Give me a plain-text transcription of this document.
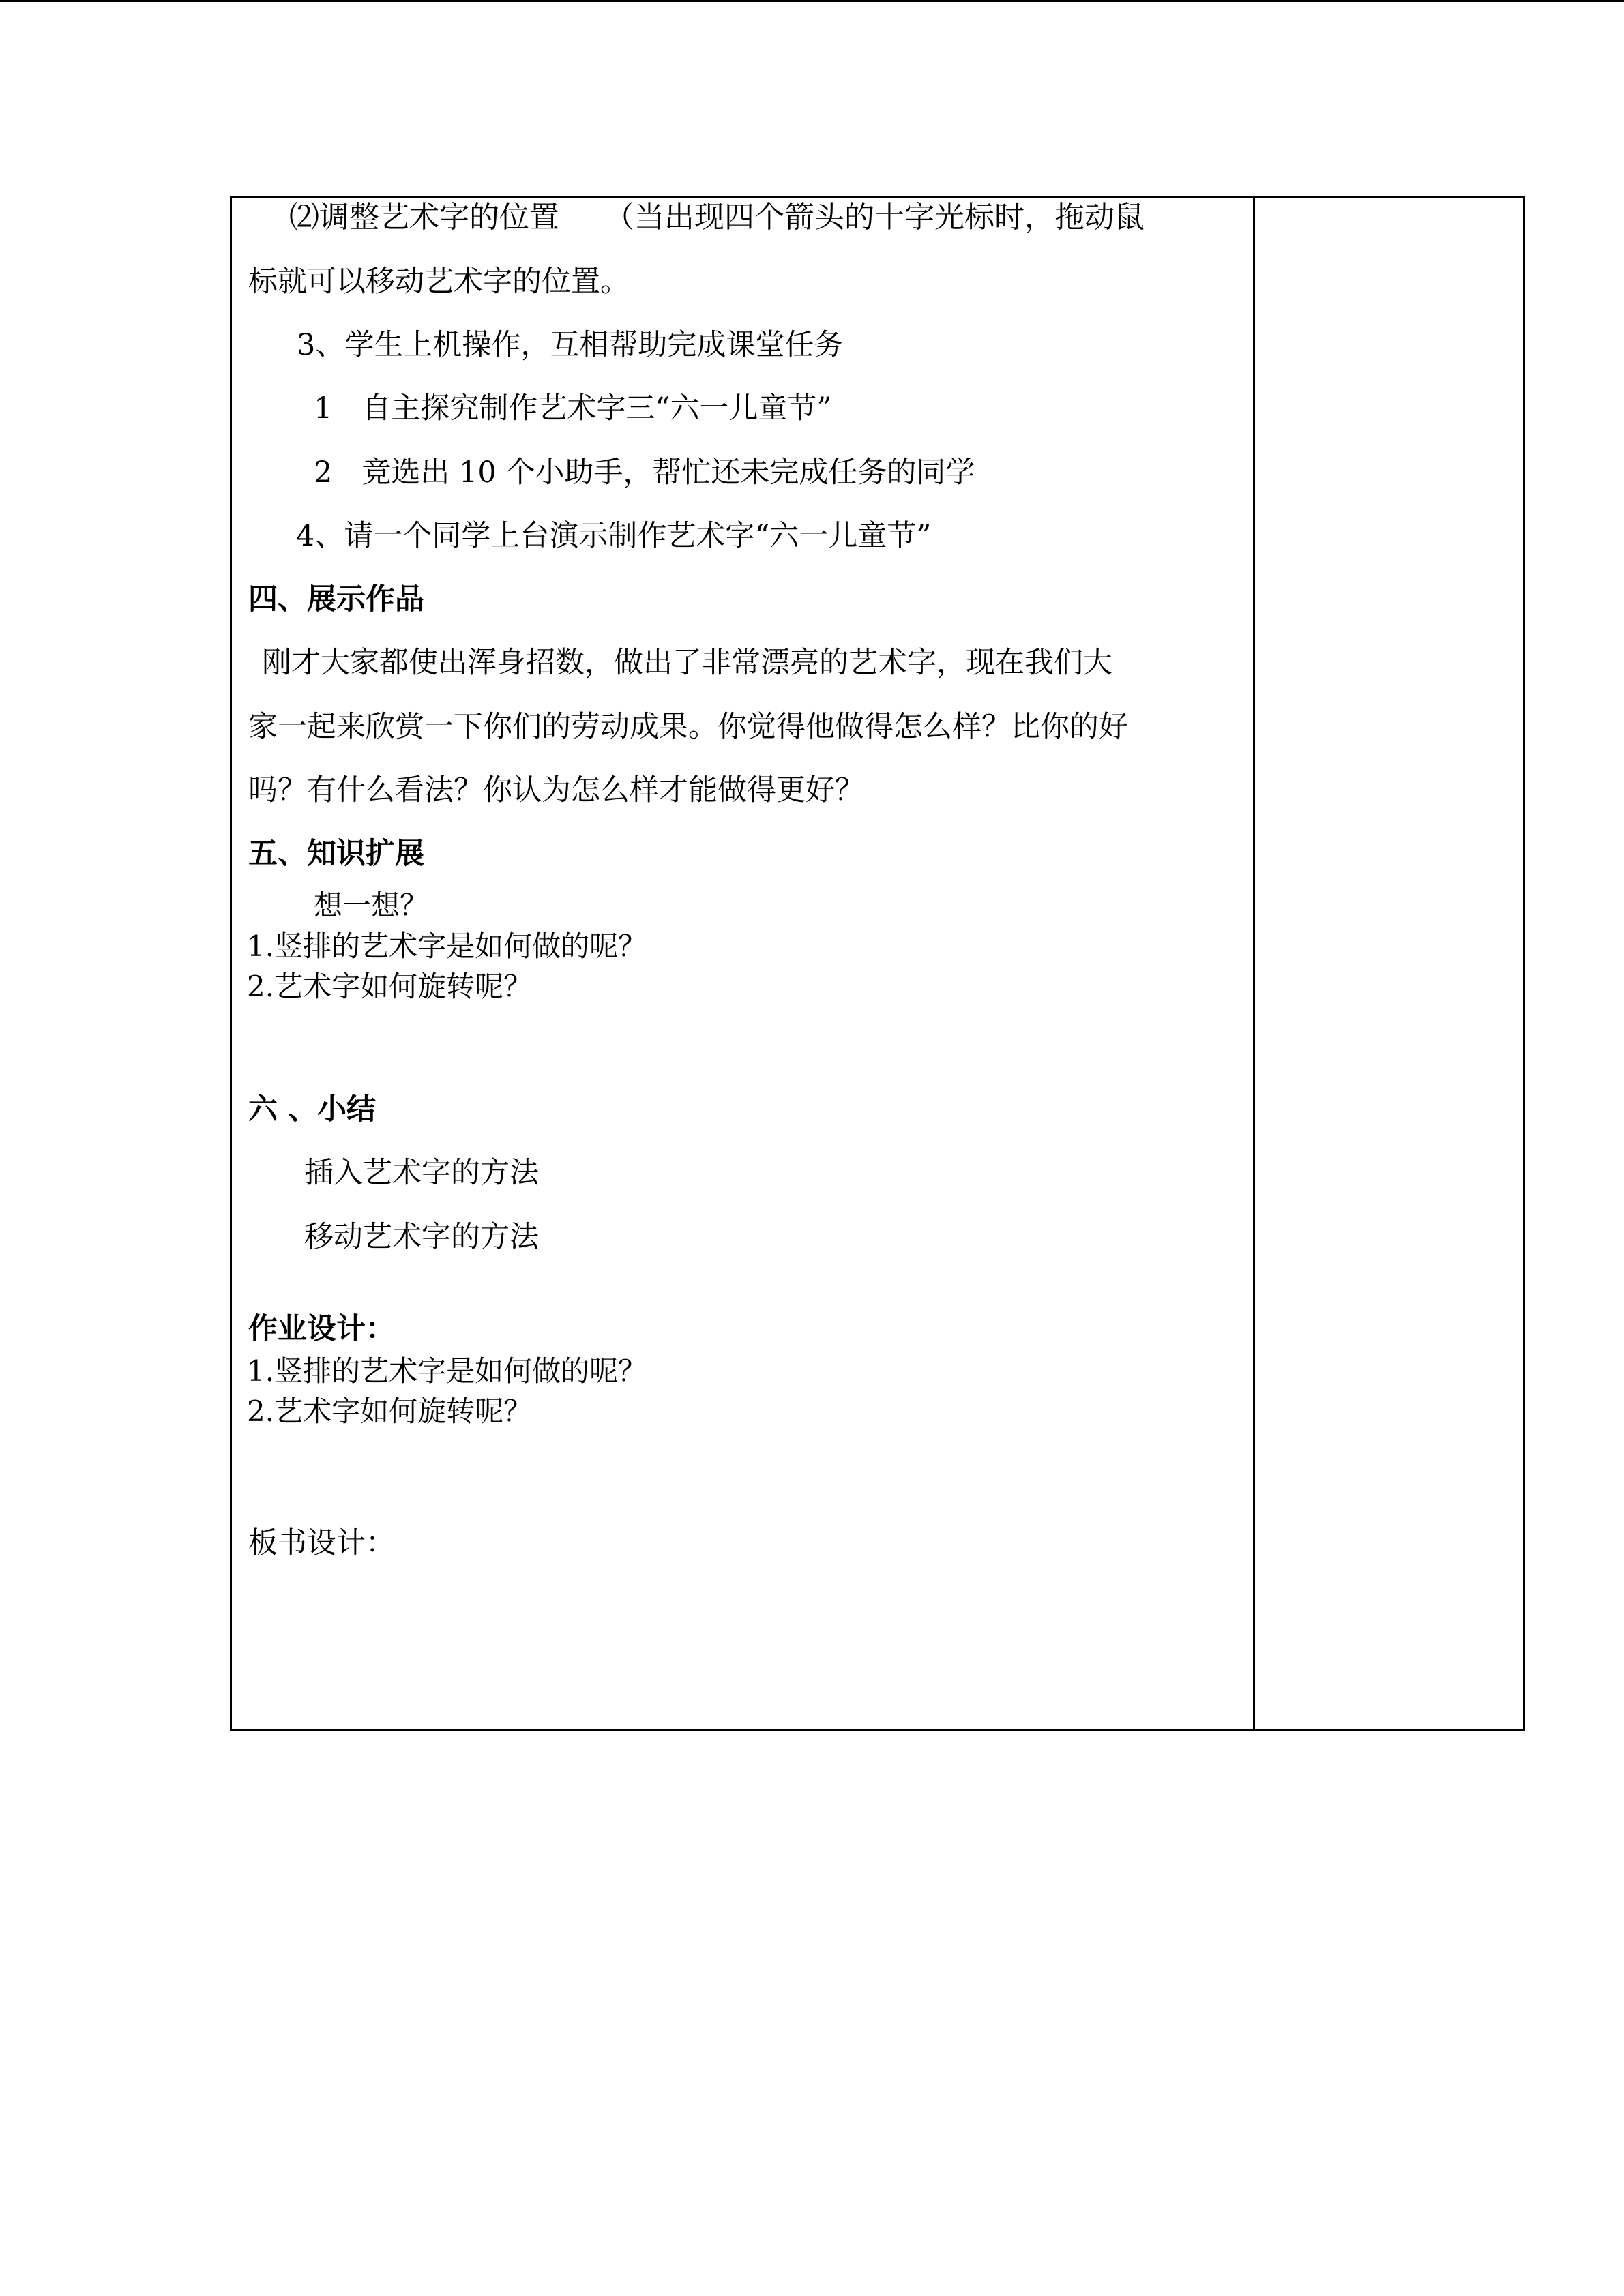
⑵调整艺术字的位置　　（当出现四个箭头的十字光标时，拖动鼠
标就可以移动艺术字的位置。
3、学生上机操作，互相帮助完成课堂任务
1　自主探究制作艺术字三“六一儿童节”
2　竞选出 10 个小助手，帮忙还未完成任务的同学
4、请一个同学上台演示制作艺术字“六一儿童节”
四、展示作品
刚才大家都使出浑身招数，做出了非常漂亮的艺术字，现在我们大
家一起来欣赏一下你们的劳动成果。你觉得他做得怎么样？比你的好
吗？有什么看法？你认为怎么样才能做得更好？
五、知识扩展
想一想？
1.竖排的艺术字是如何做的呢？
2.艺术字如何旋转呢？
六 、小结
插入艺术字的方法
移动艺术字的方法
作业设计：
1.竖排的艺术字是如何做的呢？
2.艺术字如何旋转呢？
板书设计：
